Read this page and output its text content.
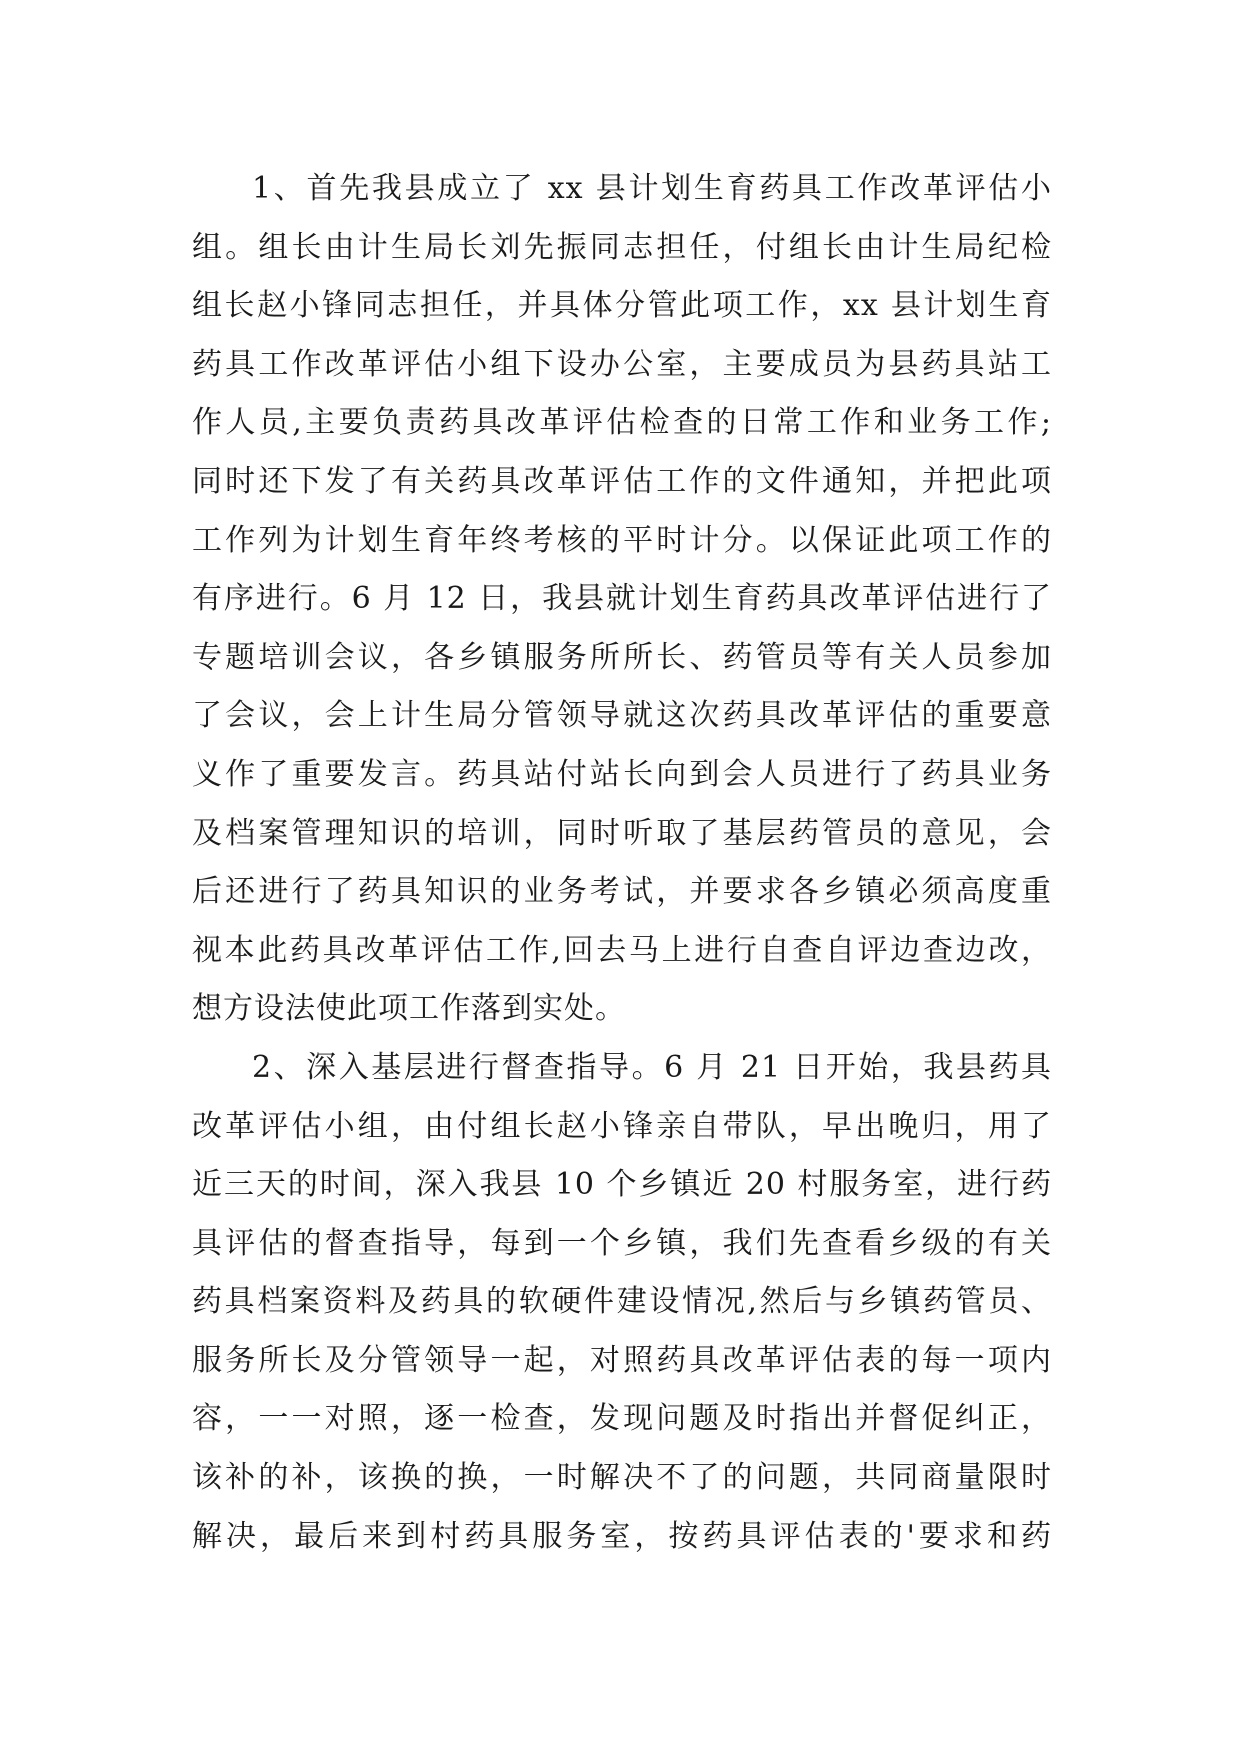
1、首先我县成立了 xx 县计划生育药具工作改革评估小
组。组长由计生局长刘先振同志担任，付组长由计生局纪检
组长赵小锋同志担任，并具体分管此项工作，xx 县计划生育
药具工作改革评估小组下设办公室，主要成员为县药具站工
作人员,主要负责药具改革评估检查的日常工作和业务工作;
同时还下发了有关药具改革评估工作的文件通知，并把此项
工作列为计划生育年终考核的平时计分。以保证此项工作的
有序进行。6 月 12 日，我县就计划生育药具改革评估进行了
专题培训会议，各乡镇服务所所长、药管员等有关人员参加
了会议，会上计生局分管领导就这次药具改革评估的重要意
义作了重要发言。药具站付站长向到会人员进行了药具业务
及档案管理知识的培训，同时听取了基层药管员的意见，会
后还进行了药具知识的业务考试，并要求各乡镇必须高度重
视本此药具改革评估工作,回去马上进行自查自评边查边改，
想方设法使此项工作落到实处。
2、深入基层进行督查指导。6 月 21 日开始，我县药具
改革评估小组，由付组长赵小锋亲自带队，早出晚归，用了
近三天的时间，深入我县 10 个乡镇近 20 村服务室，进行药
具评估的督查指导，每到一个乡镇，我们先查看乡级的有关
药具档案资料及药具的软硬件建设情况,然后与乡镇药管员、
服务所长及分管领导一起，对照药具改革评估表的每一项内
容，一一对照，逐一检查，发现问题及时指出并督促纠正，
该补的补，该换的换，一时解决不了的问题，共同商量限时
解决，最后来到村药具服务室，按药具评估表的'要求和药
